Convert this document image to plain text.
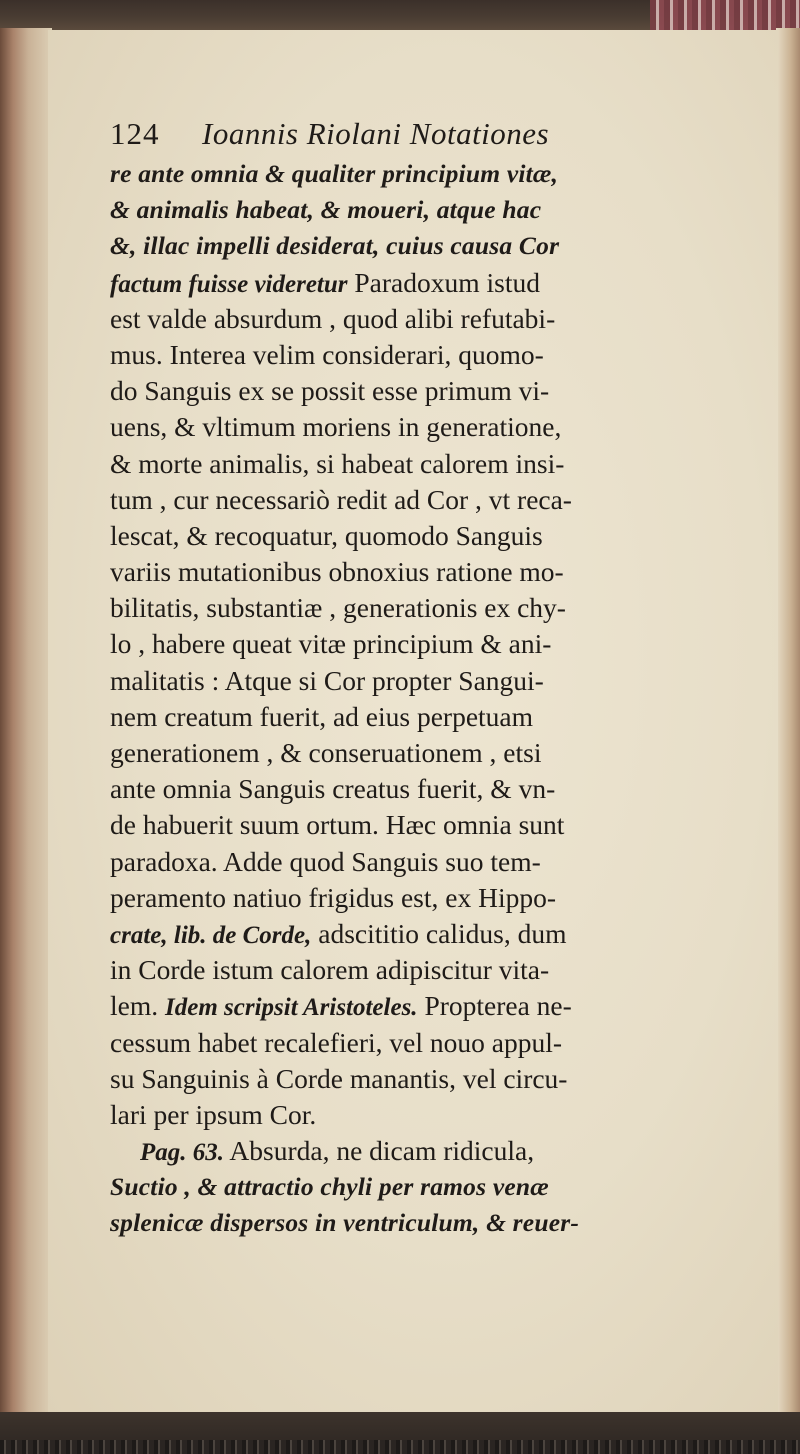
124	Ioannis Riolani Notationes
re ante omnia & qualiter principium vitæ,
& animalis habeat, & moueri, atque hac
&, illac impelli desiderat, cuius causa Cor
factum fuisse videretur Paradoxum istud
est valde absurdum , quod alibi refutabi-
mus. Interea velim considerari, quomo-
do Sanguis ex se possit esse primum vi-
uens, & vltimum moriens in generatione,
& morte animalis, si habeat calorem insi-
tum , cur necessariò redit ad Cor , vt reca-
lescat, & recoquatur, quomodo Sanguis
variis mutationibus obnoxius ratione mo-
bilitatis, substantiæ , generationis ex chy-
lo , habere queat vitæ principium & ani-
malitatis : Atque si Cor propter Sangui-
nem creatum fuerit, ad eius perpetuam
generationem , & conseruationem , etsi
ante omnia Sanguis creatus fuerit, & vn-
de habuerit suum ortum. Hæc omnia sunt
paradoxa. Adde quod Sanguis suo tem-
peramento natiuo frigidus est, ex Hippo-
crate, lib. de Corde, adscititio calidus, dum
in Corde istum calorem adipiscitur vita-
lem. Idem scripsit Aristoteles. Propterea ne-
cessum habet recalefieri, vel nouo appul-
su Sanguinis à Corde manantis, vel circu-
lari per ipsum Cor.
Pag. 63. Absurda, ne dicam ridicula,
Suctio , & attractio chyli per ramos venæ
splenicæ dispersos in ventriculum, & reuer-
